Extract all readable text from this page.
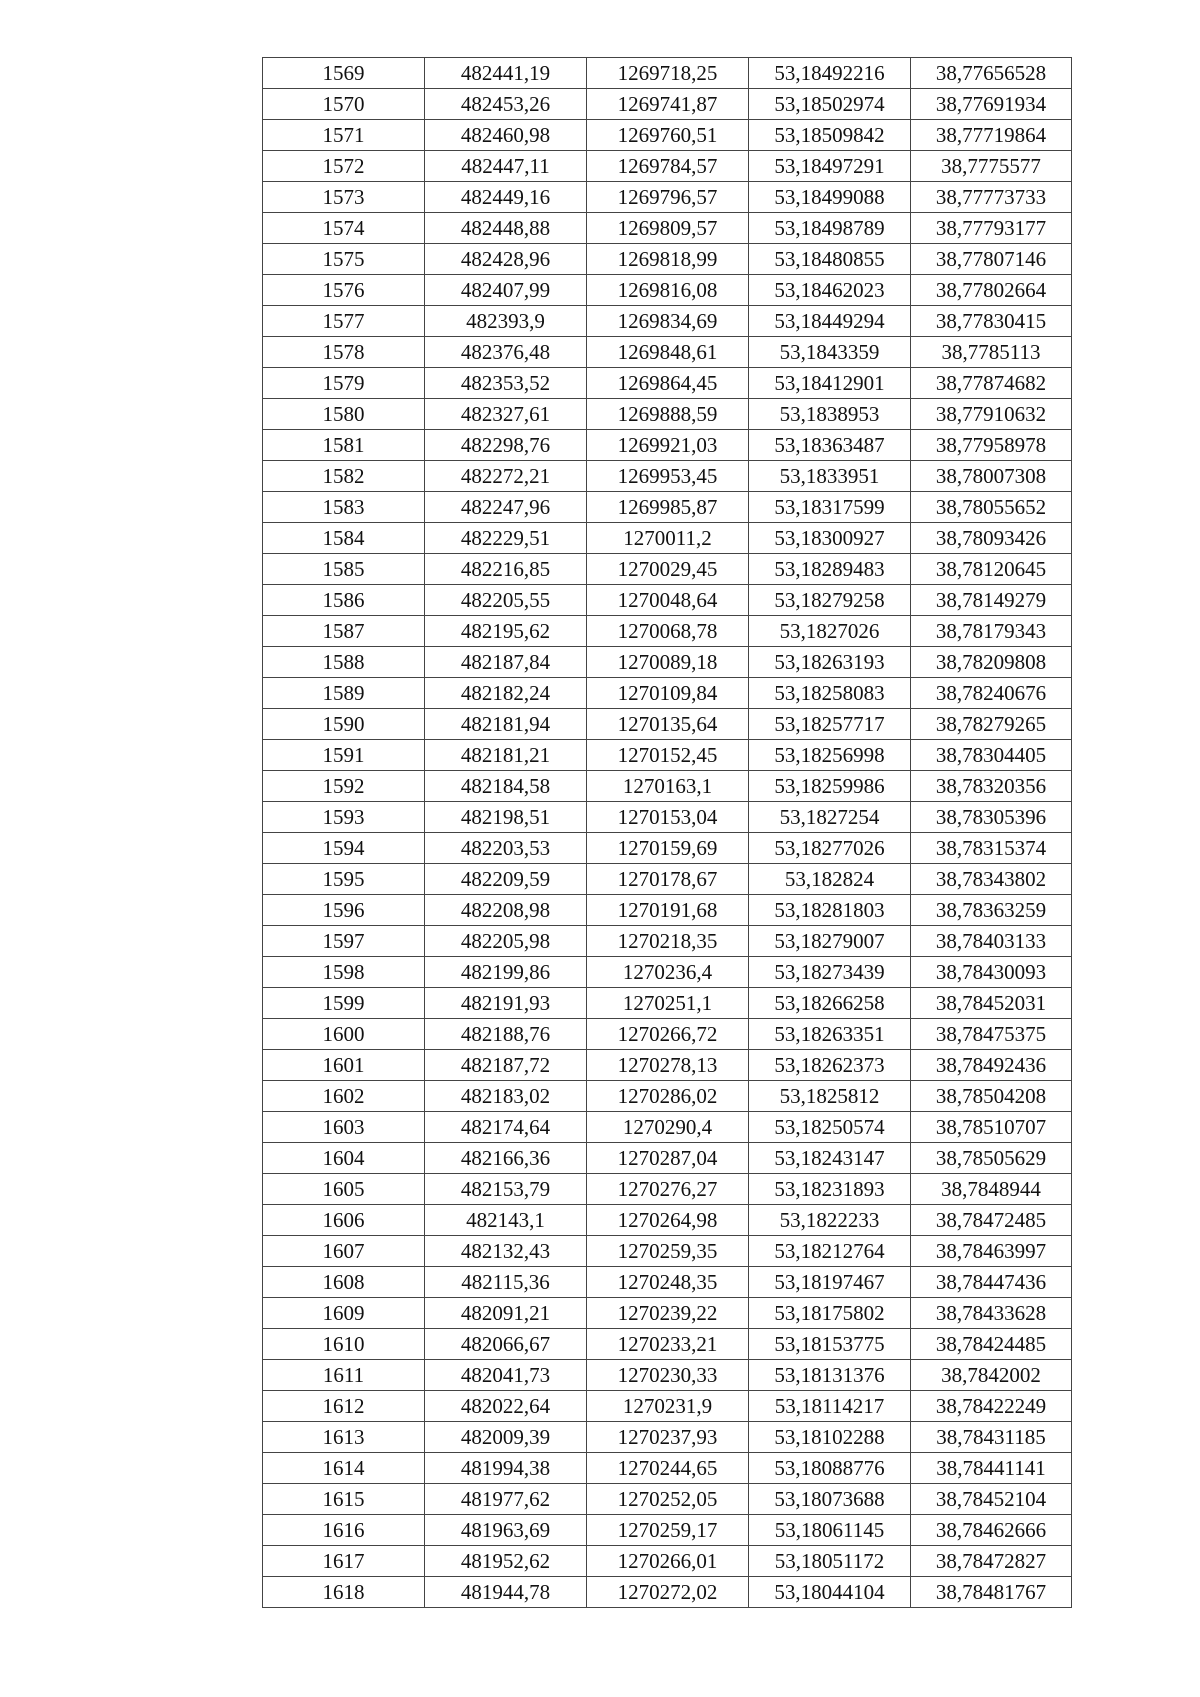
1569	482441,19	1269718,25	53,18492216	38,77656528
1570	482453,26	1269741,87	53,18502974	38,77691934
1571	482460,98	1269760,51	53,18509842	38,77719864
1572	482447,11	1269784,57	53,18497291	38,7775577
1573	482449,16	1269796,57	53,18499088	38,77773733
1574	482448,88	1269809,57	53,18498789	38,77793177
1575	482428,96	1269818,99	53,18480855	38,77807146
1576	482407,99	1269816,08	53,18462023	38,77802664
1577	482393,9	1269834,69	53,18449294	38,77830415
1578	482376,48	1269848,61	53,1843359	38,7785113
1579	482353,52	1269864,45	53,18412901	38,77874682
1580	482327,61	1269888,59	53,1838953	38,77910632
1581	482298,76	1269921,03	53,18363487	38,77958978
1582	482272,21	1269953,45	53,1833951	38,78007308
1583	482247,96	1269985,87	53,18317599	38,78055652
1584	482229,51	1270011,2	53,18300927	38,78093426
1585	482216,85	1270029,45	53,18289483	38,78120645
1586	482205,55	1270048,64	53,18279258	38,78149279
1587	482195,62	1270068,78	53,1827026	38,78179343
1588	482187,84	1270089,18	53,18263193	38,78209808
1589	482182,24	1270109,84	53,18258083	38,78240676
1590	482181,94	1270135,64	53,18257717	38,78279265
1591	482181,21	1270152,45	53,18256998	38,78304405
1592	482184,58	1270163,1	53,18259986	38,78320356
1593	482198,51	1270153,04	53,1827254	38,78305396
1594	482203,53	1270159,69	53,18277026	38,78315374
1595	482209,59	1270178,67	53,182824	38,78343802
1596	482208,98	1270191,68	53,18281803	38,78363259
1597	482205,98	1270218,35	53,18279007	38,78403133
1598	482199,86	1270236,4	53,18273439	38,78430093
1599	482191,93	1270251,1	53,18266258	38,78452031
1600	482188,76	1270266,72	53,18263351	38,78475375
1601	482187,72	1270278,13	53,18262373	38,78492436
1602	482183,02	1270286,02	53,1825812	38,78504208
1603	482174,64	1270290,4	53,18250574	38,78510707
1604	482166,36	1270287,04	53,18243147	38,78505629
1605	482153,79	1270276,27	53,18231893	38,7848944
1606	482143,1	1270264,98	53,1822233	38,78472485
1607	482132,43	1270259,35	53,18212764	38,78463997
1608	482115,36	1270248,35	53,18197467	38,78447436
1609	482091,21	1270239,22	53,18175802	38,78433628
1610	482066,67	1270233,21	53,18153775	38,78424485
1611	482041,73	1270230,33	53,18131376	38,7842002
1612	482022,64	1270231,9	53,18114217	38,78422249
1613	482009,39	1270237,93	53,18102288	38,78431185
1614	481994,38	1270244,65	53,18088776	38,78441141
1615	481977,62	1270252,05	53,18073688	38,78452104
1616	481963,69	1270259,17	53,18061145	38,78462666
1617	481952,62	1270266,01	53,18051172	38,78472827
1618	481944,78	1270272,02	53,18044104	38,78481767
